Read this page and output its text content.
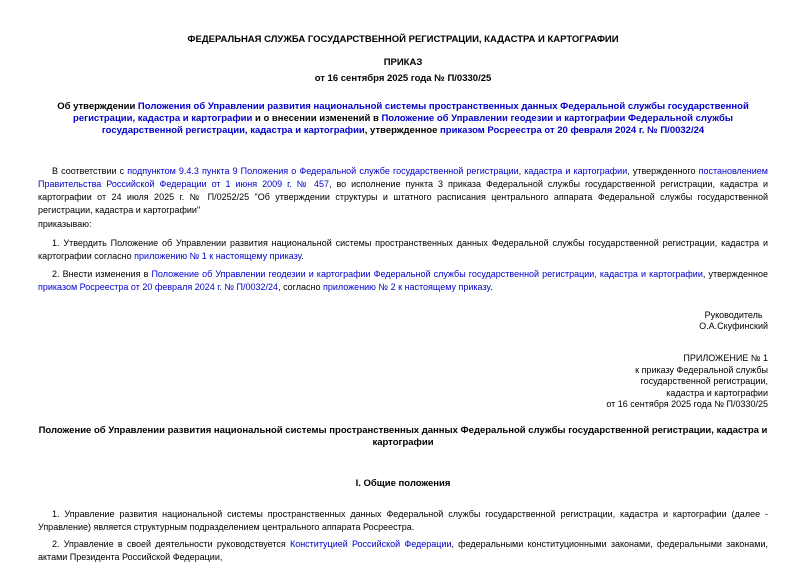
ФЕДЕРАЛЬНАЯ СЛУЖБА ГОСУДАРСТВЕННОЙ РЕГИСТРАЦИИ, КАДАСТРА И КАРТОГРАФИИ
ПРИКАЗ
от 16 сентября 2025 года № П/0330/25
Об утверждении Положения об Управлении развития национальной системы пространственных данных Федеральной службы государственной регистрации, кадастра и картографии и о внесении изменений в Положение об Управлении геодезии и картографии Федеральной службы государственной регистрации, кадастра и картографии, утвержденное приказом Росреестра от 20 февраля 2024 г. № П/0032/24

В соответствии с подпунктом 9.4.3 пункта 9 Положения о Федеральной службе государственной регистрации, кадастра и картографии, утвержденного постановлением Правительства Российской Федерации от 1 июня 2009 г. № 457, во исполнение пункта 3 приказа Федеральной службы государственной регистрации, кадастра и картографии от 24 июля 2025 г. № П/0252/25 "Об утверждении структуры и штатного расписания центрального аппарата Федеральной службы государственной регистрации, кадастра и картографии"

приказываю:

1. Утвердить Положение об Управлении развития национальной системы пространственных данных Федеральной службы государственной регистрации, кадастра и картографии согласно приложению № 1 к настоящему приказу.

2. Внести изменения в Положение об Управлении геодезии и картографии Федеральной службы государственной регистрации, кадастра и картографии, утвержденное приказом Росреестра от 20 февраля 2024 г. № П/0032/24, согласно приложению № 2 к настоящему приказу.

Руководитель
О.А.Скуфинский
ПРИЛОЖЕНИЕ № 1
к приказу Федеральной службы
государственной регистрации,
кадастра и картографии
от 16 сентября 2025 года № П/0330/25
Положение об Управлении развития национальной системы пространственных данных Федеральной службы государственной регистрации, кадастра и картографии
I. Общие положения

1. Управление развития национальной системы пространственных данных Федеральной службы государственной регистрации, кадастра и картографии (далее - Управление) является структурным подразделением центрального аппарата Росреестра.

2. Управление в своей деятельности руководствуется Конституцией Российской Федерации, федеральными конституционными законами, федеральными законами, актами Президента Российской Федерации,
